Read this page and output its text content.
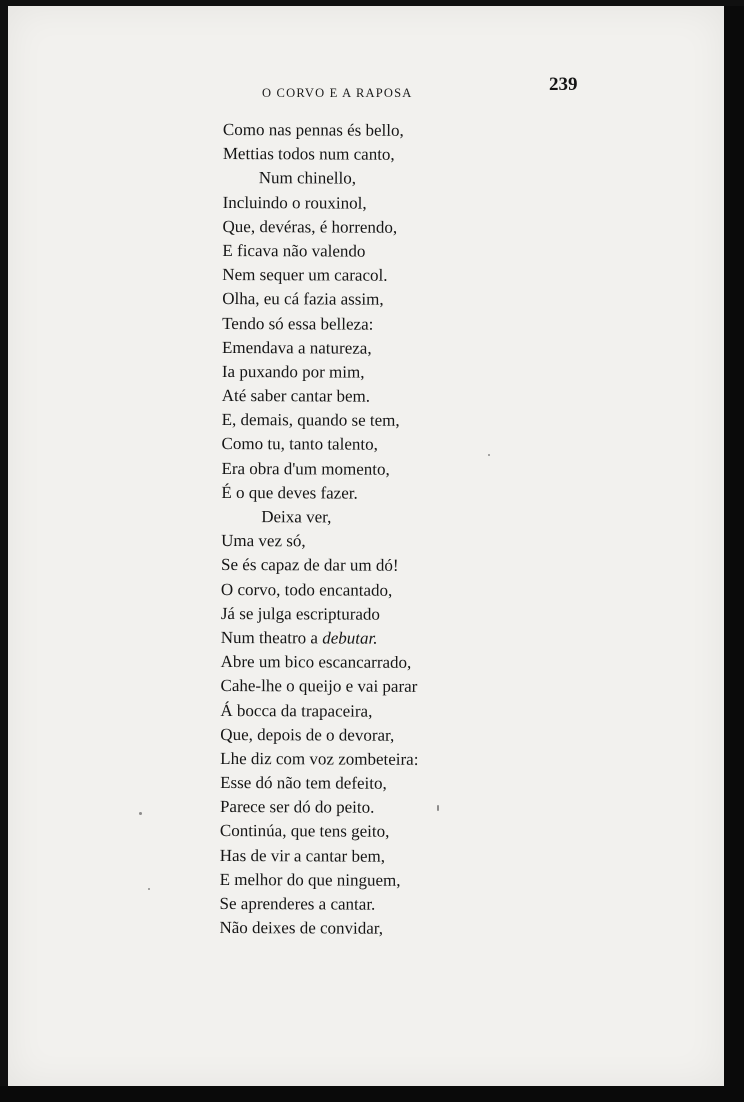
O CORVO E A RAPOSA	239
Como nas pennas és bello,
Mettias todos num canto,
Num chinello,
Incluindo o rouxinol,
Que, devéras, é horrendo,
E ficava não valendo
Nem sequer um caracol.
Olha, eu cá fazia assim,
Tendo só essa belleza:
Emendava a natureza,
Ia puxando por mim,
Até saber cantar bem.
E, demais, quando se tem,
Como tu, tanto talento,
Era obra d'um momento,
É o que deves fazer.
Deixa ver,
Uma vez só,
Se és capaz de dar um dó!
O corvo, todo encantado,
Já se julga escripturado
Num theatro a debutar.
Abre um bico escancarrado,
Cahe-lhe o queijo e vai parar
Á bocca da trapaceira,
Que, depois de o devorar,
Lhe diz com voz zombeteira:
Esse dó não tem defeito,
Parece ser dó do peito.
Continúa, que tens geito,
Has de vir a cantar bem,
E melhor do que ninguem,
Se aprenderes a cantar.
Não deixes de convidar,
